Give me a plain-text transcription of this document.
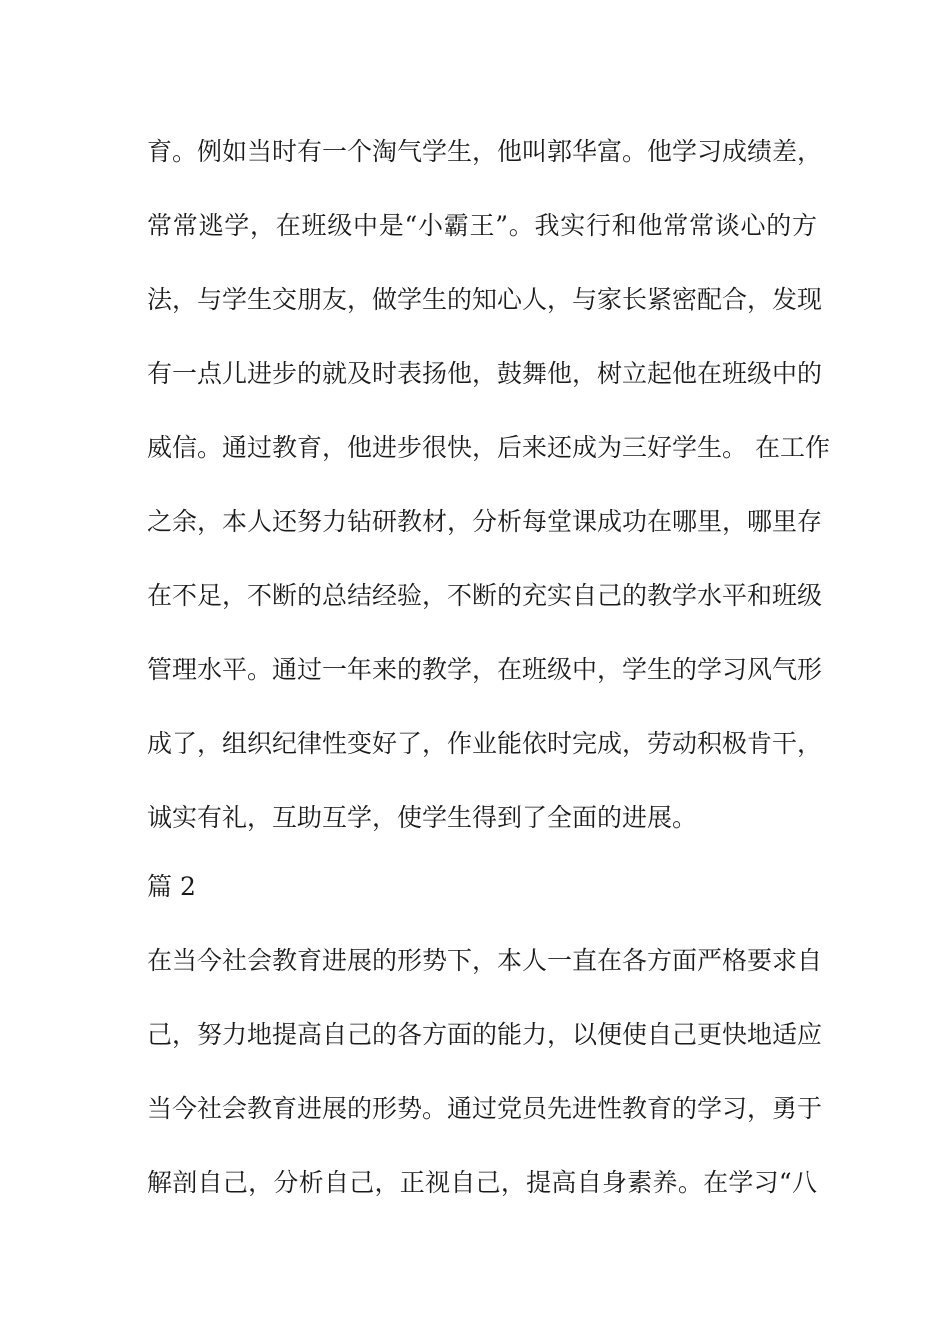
育。例如当时有一个淘气学生，他叫郭华富。他学习成绩差，
常常逃学，在班级中是“小霸王”。我实行和他常常谈心的方
法，与学生交朋友，做学生的知心人，与家长紧密配合，发现
有一点儿进步的就及时表扬他，鼓舞他，树立起他在班级中的
威信。通过教育，他进步很快，后来还成为三好学生。 在工作
之余，本人还努力钻研教材，分析每堂课成功在哪里，哪里存
在不足，不断的总结经验，不断的充实自己的教学水平和班级
管理水平。通过一年来的教学，在班级中，学生的学习风气形
成了，组织纪律性变好了，作业能依时完成，劳动积极肯干，
诚实有礼，互助互学，使学生得到了全面的进展。
篇 2
在当今社会教育进展的形势下，本人一直在各方面严格要求自
己，努力地提高自己的各方面的能力，以便使自己更快地适应
当今社会教育进展的形势。通过党员先进性教育的学习，勇于
解剖自己，分析自己，正视自己，提高自身素养。在学习“八
